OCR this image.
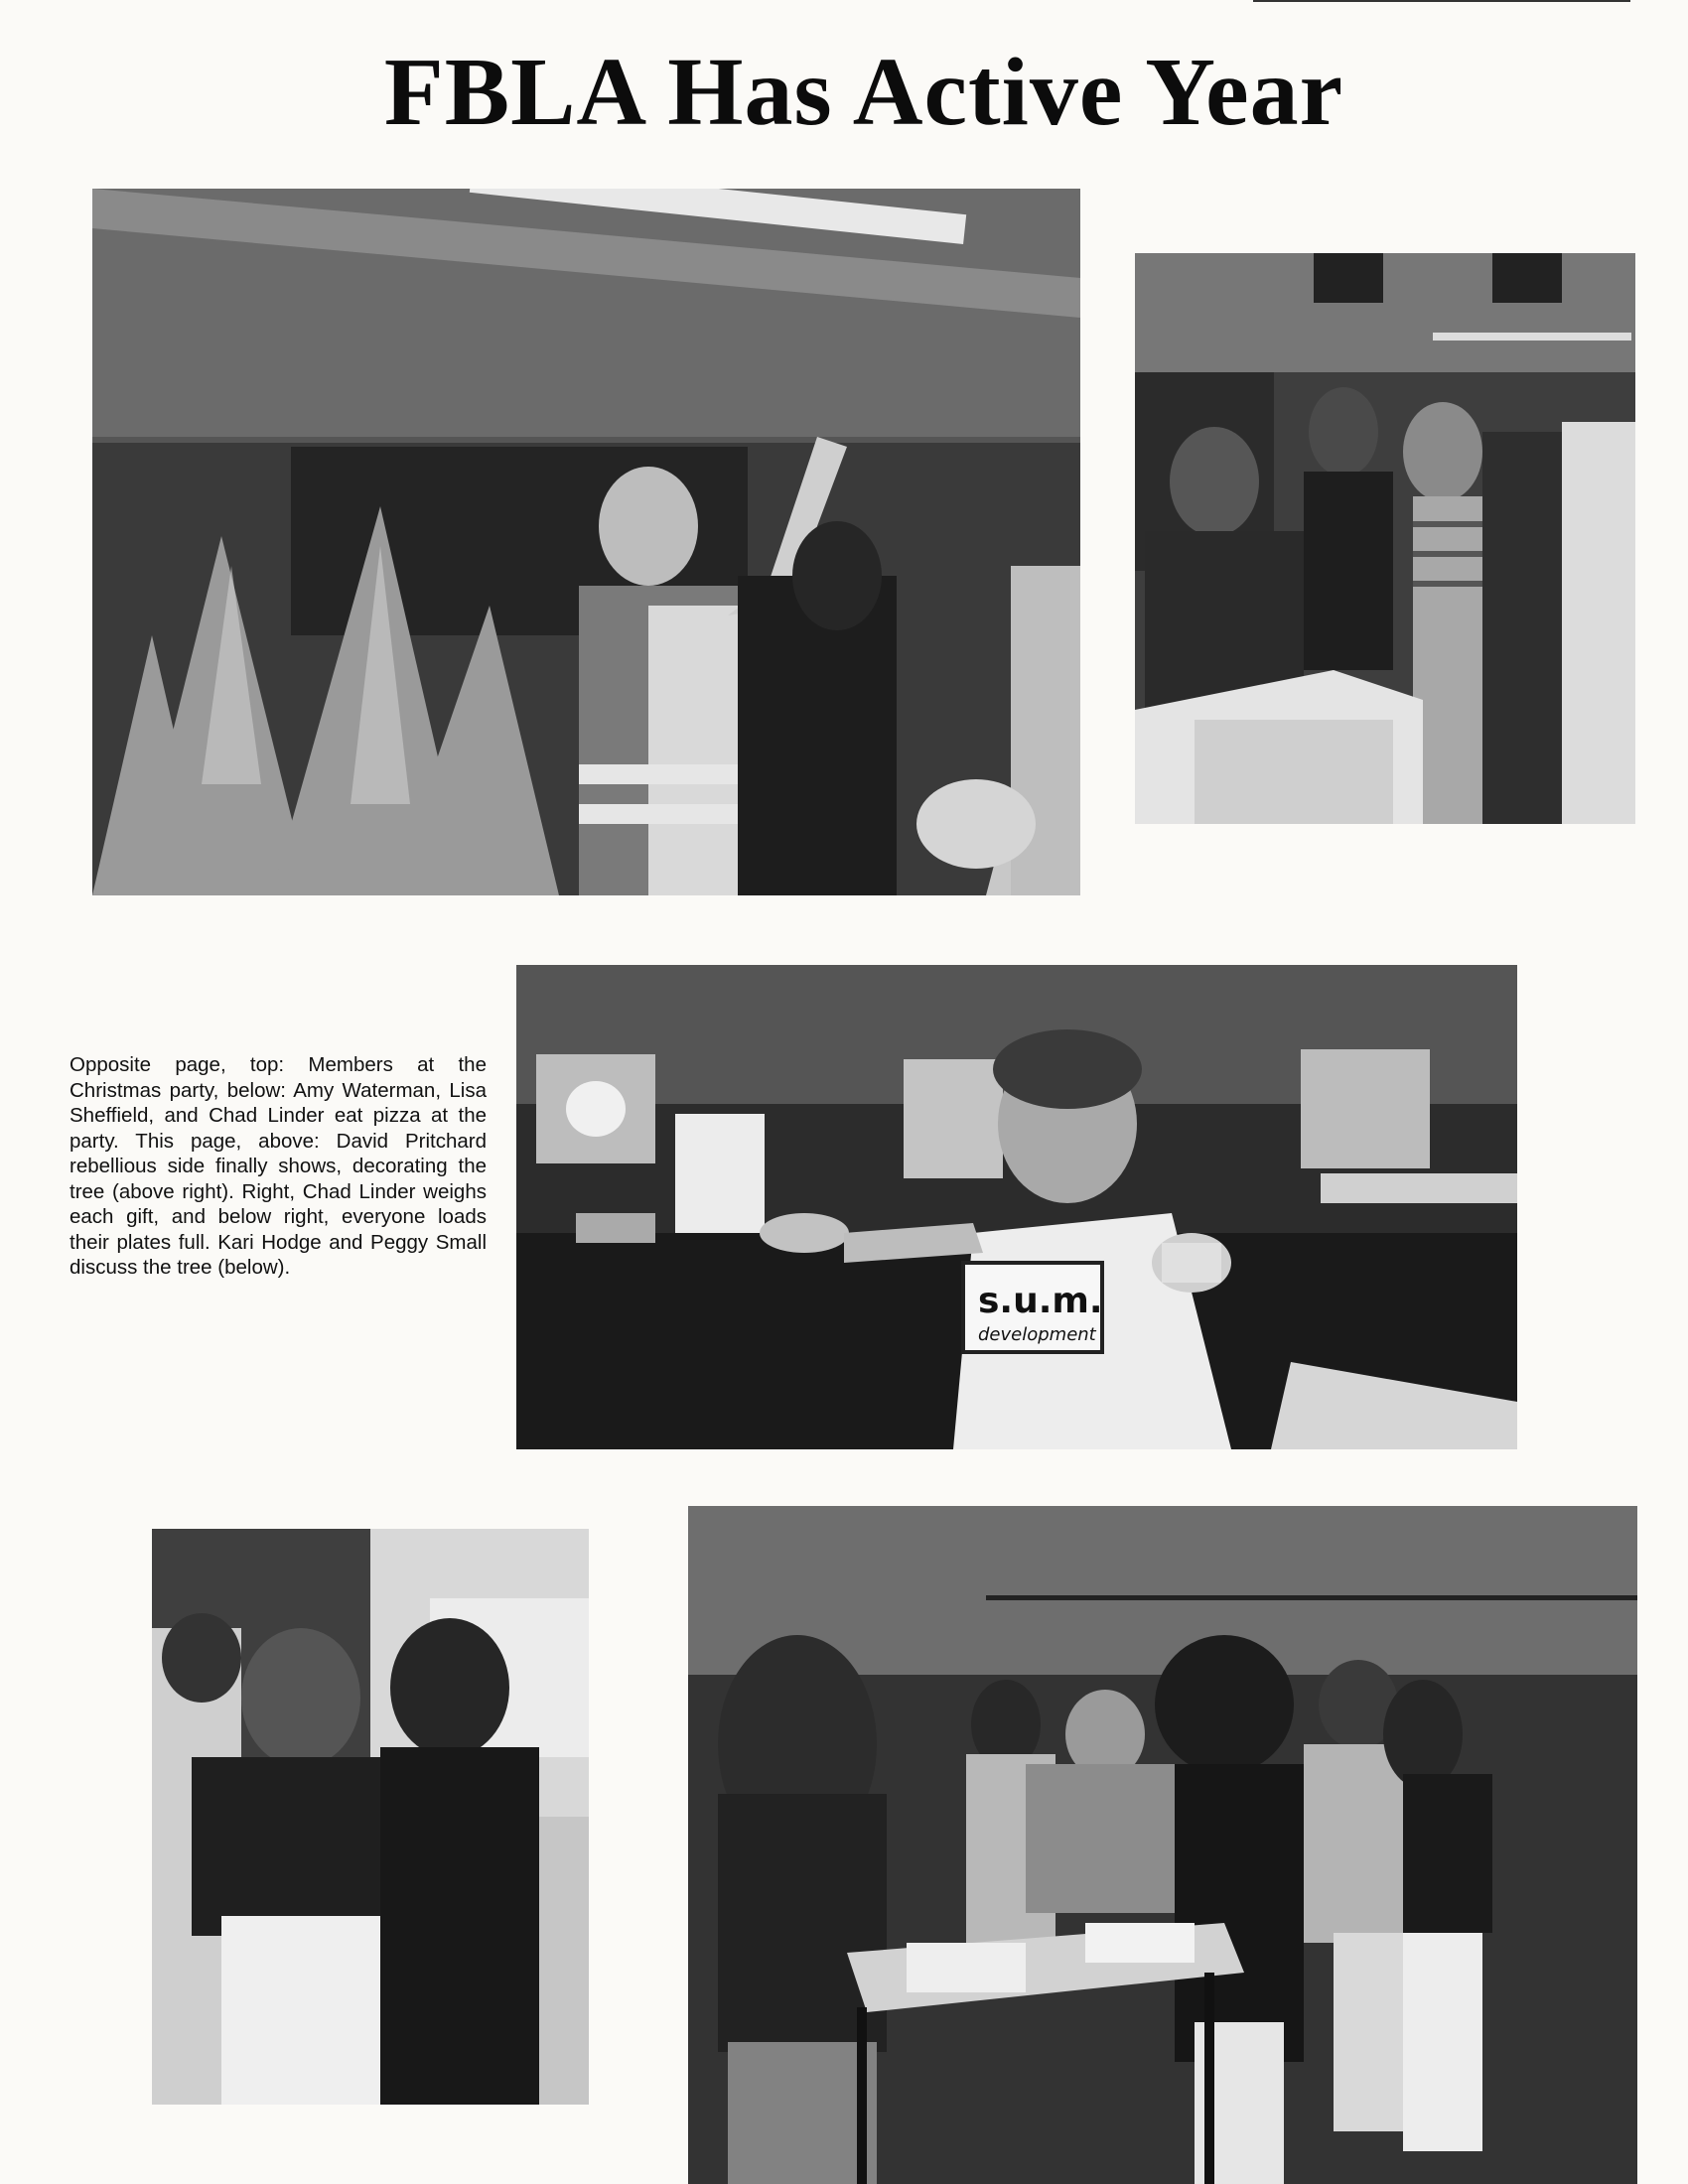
FBLA Has Active Year

Opposite page, top: Members at the Christmas party, below: Amy Waterman, Lisa Sheffield, and Chad Linder eat pizza at the party. This page, above: David Pritchard rebellious side finally shows, decorating the tree (above right). Right, Chad Linder weighs each gift, and below right, everyone loads their plates full. Kari Hodge and Peggy Small discuss the tree (below).

s.u.m.
development
